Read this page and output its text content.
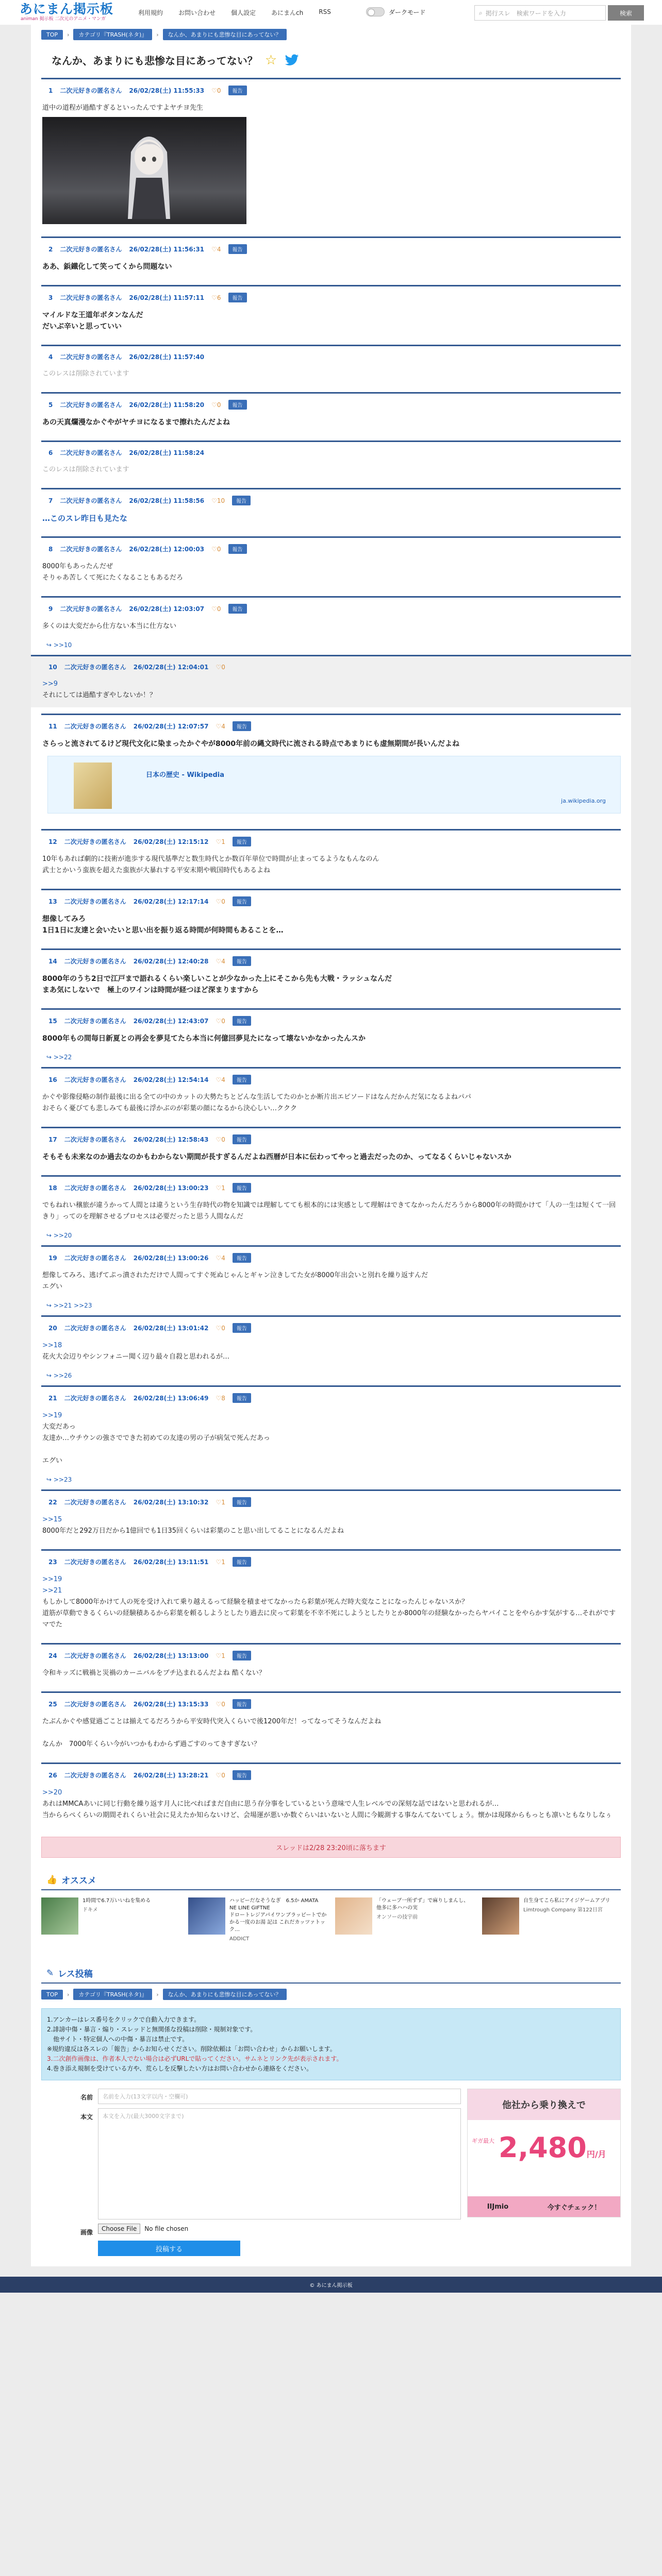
あにまん掲示板
animan 掲示板 二次元のアニメ・マンガ
利用規約	お問い合わせ	個人設定	あにまんch	RSS	ダークモード	⌕ 掲行スレ　検索ワードを入力	検索
TOP	›	カテゴリ『TRASH(ネタ)』	›	なんか、あまりにも悲惨な目にあってない？
なんか、あまりにも悲惨な目にあってない？ ☆
1 二次元好きの匿名さん 26/02/28(土) 11:55:33 ♡0	報告
道中の道程が過酷すぎるといったんですよヤチヨ先生
2 二次元好きの匿名さん 26/02/28(土) 11:56:31 ♡4	報告
ああ、鋲鐵化して笑ってくから問題ない
3 二次元好きの匿名さん 26/02/28(土) 11:57:11 ♡6	報告
マイルドな王道年ボタンなんだ
だいぶ辛いと思っていい
4 二次元好きの匿名さん 26/02/28(土) 11:57:40
このレスは削除されています
5 二次元好きの匿名さん 26/02/28(土) 11:58:20 ♡0	報告
あの天真爛漫なかぐやがヤチヨになるまで擦れたんだよね
6 二次元好きの匿名さん 26/02/28(土) 11:58:24
このレスは削除されています
7 二次元好きの匿名さん 26/02/28(土) 11:58:56 ♡10	報告
…このスレ昨日も見たな
8 二次元好きの匿名さん 26/02/28(土) 12:00:03 ♡0	報告
8000年もあったんだぜ
そりゃあ苦しくて死にたくなることもあるだろ
9 二次元好きの匿名さん 26/02/28(土) 12:03:07 ♡0	報告
多くのは大変だから仕方ない本当に仕方ない
↪ >>10
10 二次元好きの匿名さん 26/02/28(土) 12:04:01 ♡0
>>9
それにしては過酷すぎやしないか！？
11 二次元好きの匿名さん 26/02/28(土) 12:07:57 ♡4	報告
さらっと流されてるけど現代文化に染まったかぐやが8000年前の縄文時代に流される時点であまりにも虚無期間が長いんだよね
日本の歴史 - Wikipedia
ja.wikipedia.org
12 二次元好きの匿名さん 26/02/28(土) 12:15:12 ♡1	報告
10年もあれば劇的に技術が進歩する現代基準だと数生時代とか数百年単位で時間が止まってるようなもんなのん
武士とかいう蛮族を超えた蛮族が大暴れする平安末期や戦国時代もあるよね
13 二次元好きの匿名さん 26/02/28(土) 12:17:14 ♡0	報告
想像してみろ
1日1日に友達と会いたいと思い出を振り返る時間が何時間もあることを…
14 二次元好きの匿名さん 26/02/28(土) 12:40:28 ♡4	報告
8000年のうち2日で江戸まで語れるくらい楽しいことが少なかった上にそこから先も大戦・ラッシュなんだ
まあ気にしないで　極上のワインは時間が経つほど深まりますから
15 二次元好きの匿名さん 26/02/28(土) 12:43:07 ♡0	報告
8000年もの間毎日新夏との再会を夢見てたら本当に何億回夢見たになって壊ないかなかったんスか
↪ >>22
16 二次元好きの匿名さん 26/02/28(土) 12:54:14 ♡4	報告
かぐや影像侵略の制作最後に出る全ての中のカットの大勢たちとどんな生活してたのかとか断片出エピソードはなんだかんだ気になるよねパパ
おそらく憂びても悲しみても最後に浮かぶのが彩葉の顔になるから決心しい…ククク
17 二次元好きの匿名さん 26/02/28(土) 12:58:43 ♡0	報告
そもそも未来なのか過去なのかもわからない期間が長すぎるんだよね西暦が日本に伝わってやっと過去だったのか、ってなるくらいじゃないスか
18 二次元好きの匿名さん 26/02/28(土) 13:00:23 ♡1	報告
でもねれい穣旅が違うかって人間とは違うという生存時代の物を知識では理解してても根本的には実感として理解はできてなかったんだろうから8000年の時間かけて「人の一生は短くて一回きり」ってのを理解させるプロセスは必要だったと思う人間なんだ
↪ >>20
19 二次元好きの匿名さん 26/02/28(土) 13:00:26 ♡4	報告
想像してみろ、逃げてぷっ潰されただけで人間ってすぐ死ぬじゃんとギャン泣きしてた女が8000年出会いと別れを繰り返すんだ
エグい
↪ >>21 >>23
20 二次元好きの匿名さん 26/02/28(土) 13:01:42 ♡0	報告
>>18
花火大会辺りやシンフォニー聞く辺り最々自殺と思われるが…
↪ >>26
21 二次元好きの匿名さん 26/02/28(土) 13:06:49 ♡8	報告
>>19
大変だあっ
友達か…ウチウンの強さでできた初めての友達の男の子が病気で死んだあっ

エグい
↪ >>23
22 二次元好きの匿名さん 26/02/28(土) 13:10:32 ♡1	報告
>>15
8000年だと292万日だから1億回でも1日35回くらいは彩葉のこと思い出してることになるんだよね
23 二次元好きの匿名さん 26/02/28(土) 13:11:51 ♡1	報告
>>19
>>21
もしかして8000年かけて人の死を受け入れて乗り越えるって経験を積ませてなかったら彩葉が死んだ時大変なことになったんじゃないスか？
道筋が草動できるくらいの経験積あるから彩葉を頼るしようとしたり過去に戻って彩葉を不幸不死にしようとしたりとか8000年の経験なかったらヤバイことをやらかす気がする…それがですマでた
24 二次元好きの匿名さん 26/02/28(土) 13:13:00 ♡1	報告
令和キッズに戦禍と災禍のカーニバルをブチ込まれるんだよね 酷くない？
25 二次元好きの匿名さん 26/02/28(土) 13:15:33 ♡0	報告
たぶんかぐや感覚過ごことは揃えてるだろうから平安時代突入くらいで後1200年だ！ってなってそうなんだよね

なんか　7000年くらい今がいつかもわからず過ごすのってきすぎない？
26 二次元好きの匿名さん 26/02/28(土) 13:28:21 ♡0	報告
>>20
あれはMMCAあいに同じ行動を繰り返す月人に比べればまだ自由に思う存分事をしているという意味で人生レベルでの深刻な話ではないと思われるが…
当かららぺくらいの期間それくらい社会に見えたか知らないけど、会場運が悪いか数ぐらいはいないと人間に今観測する事なんてないてしょう。懐かは現隊からもっとも凛いともなりしなぅ
スレッドは2/28 23:20頃に落ちます
👍 オススメ
1時間で6.7万いいねを集める
ドキメ
ハッピーだなそうなぎ　6.5か AMATA NE LINE GIFTNE
ドロートレジアパイワンブラッピートでかかる一度のお湯 記は これだカッツァトック…
ADDICT
「ウェーブ一所ずず」で麻りしまんし、他多に多ハハの実
オンソーの技宇前
自生身てこら私にアイジゲームアプリ
Limtrough Company 第122日宮
✎ レス投稿
TOP	›	カテゴリ『TRASH(ネタ)』	›	なんか、あまりにも悲惨な目にあってない？
1.アンカーはレス番号をクリックで自動入力できます。
2.誹謗中傷・暴言・煽り・スレッドと無関係な投稿は削除・規制対象です。
　他サイト・特定個人への中傷・暴言は禁止です。
※規約違反は各スレの「報告」からお知らせください。削除依頼は「お問い合わせ」からお願いします。
3.二次創作画像は、作者本人でない場合は必ずURLで貼ってください。サムネとリンク先が表示されます。
4.巻き添え規制を受けている方や、荒らしを反撃したい方はお問い合わせから連絡をください。
名前	名前を入力(13文字以内・空欄可)
本文	本文を入力(最大3000文字まで)
画像	Choose File	No file chosen
投稿する
他社から乗り換えで
ギガ最大 2,480円/月
IIJmio	今すぐチェック！
© あにまん掲示板
